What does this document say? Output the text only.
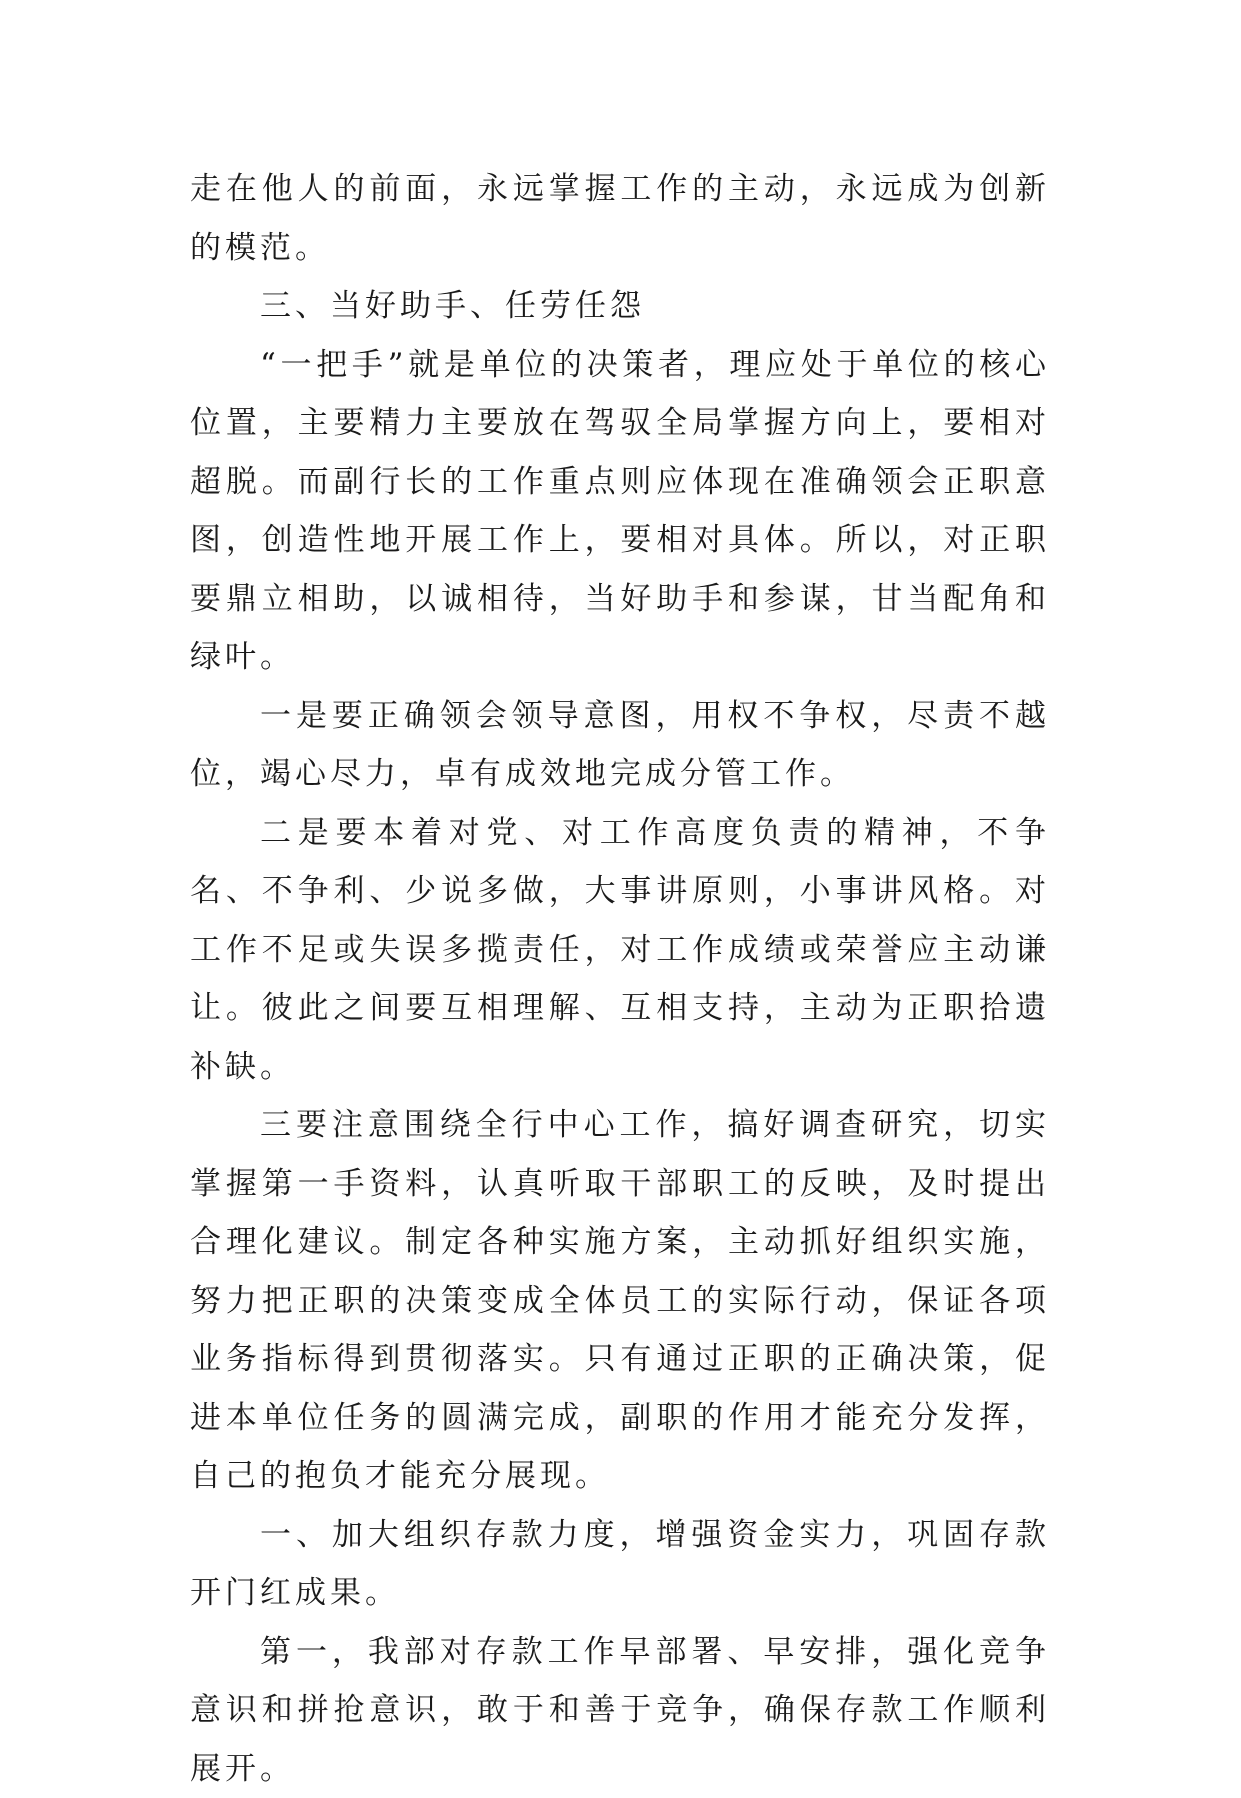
走在他人的前面，永远掌握工作的主动，永远成为创新的模范。

三、当好助手、任劳任怨

“一把手”就是单位的决策者，理应处于单位的核心位置，主要精力主要放在驾驭全局掌握方向上，要相对超脱。而副行长的工作重点则应体现在准确领会正职意图，创造性地开展工作上，要相对具体。所以，对正职要鼎立相助，以诚相待，当好助手和参谋，甘当配角和绿叶。

一是要正确领会领导意图，用权不争权，尽责不越位，竭心尽力，卓有成效地完成分管工作。

二是要本着对党、对工作高度负责的精神，不争名、不争利、少说多做，大事讲原则，小事讲风格。对工作不足或失误多揽责任，对工作成绩或荣誉应主动谦让。彼此之间要互相理解、互相支持，主动为正职拾遗补缺。

三要注意围绕全行中心工作，搞好调查研究，切实掌握第一手资料，认真听取干部职工的反映，及时提出合理化建议。制定各种实施方案，主动抓好组织实施，努力把正职的决策变成全体员工的实际行动，保证各项业务指标得到贯彻落实。只有通过正职的正确决策，促进本单位任务的圆满完成，副职的作用才能充分发挥，自己的抱负才能充分展现。

一、加大组织存款力度，增强资金实力，巩固存款开门红成果。

第一，我部对存款工作早部署、早安排，强化竞争意识和拼抢意识，敢于和善于竞争，确保存款工作顺利展开。
